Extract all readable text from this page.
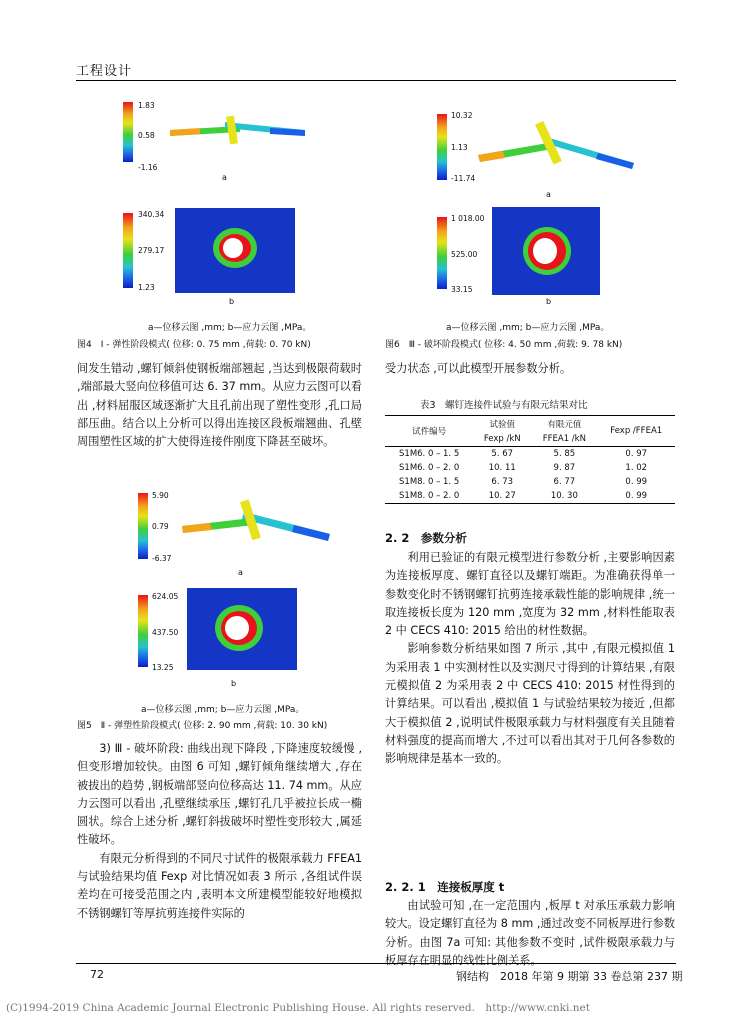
工程设计
1.83
0.58
-1.16
a
340.34
279.17
1.23
b
a—位移云图 ,mm; b—应力云图 ,MPa。
图4　Ⅰ - 弹性阶段模式( 位移: 0. 75 mm ,荷载: 0. 70 kN)
10.32
1.13
-11.74
a
1 018.00
525.00
33.15
b
a—位移云图 ,mm; b—应力云图 ,MPa。
图6　Ⅲ - 破坏阶段模式( 位移: 4. 50 mm ,荷载: 9. 78 kN)

间发生错动 ,螺钉倾斜使钢板端部翘起 ,当达到极限荷载时 ,端部最大竖向位移值可达 6. 37 mm。从应力云图可以看出 ,材料屈服区域逐渐扩大且孔前出现了塑性变形 ,孔口局部压曲。结合以上分析可以得出连接区段板端翘曲、孔壁周围塑性区域的扩大使得连接件刚度下降甚至破坏。

5.90
0.79
-6.37
a
624.05
437.50
13.25
b
a—位移云图 ,mm; b—应力云图 ,MPa。
图5　Ⅱ - 弹塑性阶段模式( 位移: 2. 90 mm ,荷载: 10. 30 kN)

3) Ⅲ - 破坏阶段: 曲线出现下降段 ,下降速度较缓慢 ,但变形增加较快。由图 6 可知 ,螺钉倾角继续增大 ,存在被拔出的趋势 ,钢板端部竖向位移高达 11. 74 mm。从应力云图可以看出 ,孔壁继续承压 ,螺钉孔几乎被拉长成一椭圆状。综合上述分析 ,螺钉斜拔破坏时塑性变形较大 ,属延性破坏。

有限元分析得到的不同尺寸试件的极限承载力 FFEA1 与试验结果均值 Fexp 对比情况如表 3 所示 ,各组试件误差均在可接受范围之内 ,表明本文所建模型能较好地模拟不锈钢螺钉等厚抗剪连接件实际的

受力状态 ,可以此模型开展参数分析。

表3　螺钉连接件试验与有限元结果对比
试件编号	试验值	有限元值	Fexp /FFEA1
	Fexp /kN	FFEA1 /kN	
S1M6. 0 – 1. 5	5. 67	5. 85	0. 97
S1M6. 0 – 2. 0	10. 11	9. 87	1. 02
S1M8. 0 – 1. 5	6. 73	6. 77	0. 99
S1M8. 0 – 2. 0	10. 27	10. 30	0. 99
2. 2　参数分析

利用已验证的有限元模型进行参数分析 ,主要影响因素为连接板厚度、螺钉直径以及螺钉端距。为准确获得单一参数变化时不锈钢螺钉抗剪连接承载性能的影响规律 ,统一取连接板长度为 120 mm ,宽度为 32 mm ,材料性能取表 2 中 CECS 410: 2015 给出的材性数据。

影响参数分析结果如图 7 所示 ,其中 ,有限元模拟值 1 为采用表 1 中实测材性以及实测尺寸得到的计算结果 ,有限元模拟值 2 为采用表 2 中 CECS 410: 2015 材性得到的计算结果。可以看出 ,模拟值 1 与试验结果较为接近 ,但都大于模拟值 2 ,说明试件极限承载力与材料强度有关且随着材料强度的提高而增大 ,不过可以看出其对于几何各参数的影响规律是基本一致的。

2. 2. 1　连接板厚度 t

由试验可知 ,在一定范围内 ,板厚 t 对承压承载力影响较大。设定螺钉直径为 8 mm ,通过改变不同板厚进行参数分析。由图 7a 可知: 其他参数不变时 ,试件极限承载力与板厚存在明显的线性比例关系。

72	钢结构　2018 年第 9 期第 33 卷总第 237 期
(C)1994-2019 China Academic Journal Electronic Publishing House. All rights reserved.　http://www.cnki.net
